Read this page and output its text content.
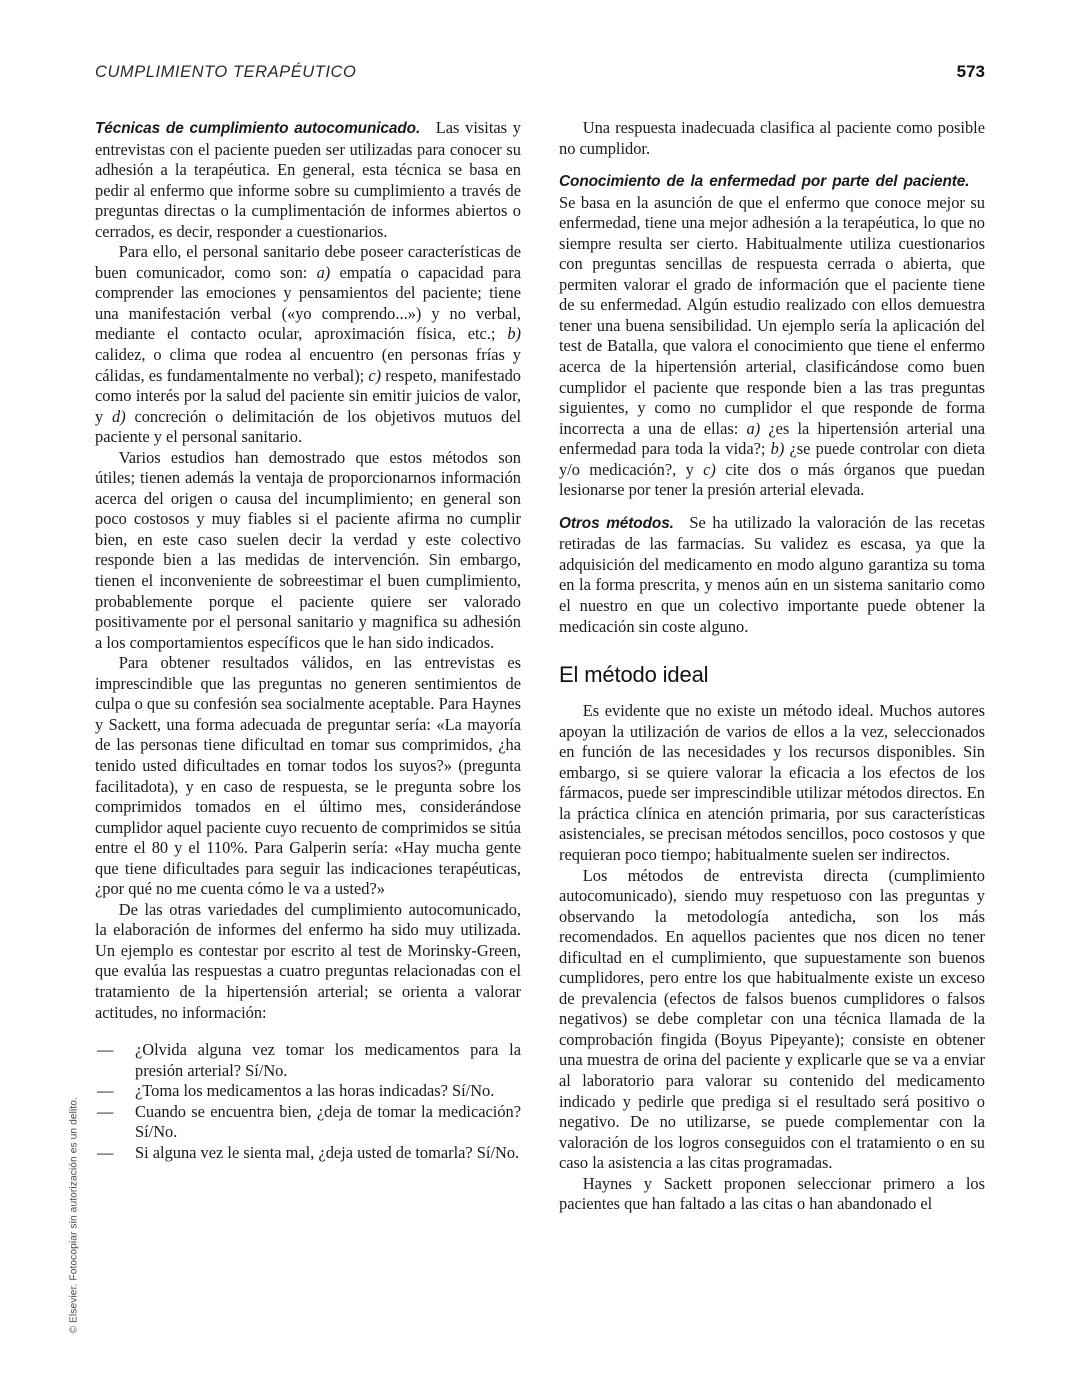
CUMPLIMIENTO TERAPÉUTICO	573
© Elsevier. Fotocopiar sin autorización es un delito.

Técnicas de cumplimiento autocomunicado. Las visitas y entrevistas con el paciente pueden ser utilizadas para conocer su adhesión a la terapéutica. En general, esta técnica se basa en pedir al enfermo que informe sobre su cumplimiento a través de preguntas directas o la cumplimentación de informes abiertos o cerrados, es decir, responder a cuestionarios.

Para ello, el personal sanitario debe poseer características de buen comunicador, como son: a) empatía o capacidad para comprender las emociones y pensamientos del paciente; tiene una manifestación verbal («yo comprendo...») y no verbal, mediante el contacto ocular, aproximación física, etc.; b) calidez, o clima que rodea al encuentro (en personas frías y cálidas, es fundamentalmente no verbal); c) respeto, manifestado como interés por la salud del paciente sin emitir juicios de valor, y d) concreción o delimitación de los objetivos mutuos del paciente y el personal sanitario.

Varios estudios han demostrado que estos métodos son útiles; tienen además la ventaja de proporcionarnos información acerca del origen o causa del incumplimiento; en general son poco costosos y muy fiables si el paciente afirma no cumplir bien, en este caso suelen decir la verdad y este colectivo responde bien a las medidas de intervención. Sin embargo, tienen el inconveniente de sobreestimar el buen cumplimiento, probablemente porque el paciente quiere ser valorado positivamente por el personal sanitario y magnifica su adhesión a los comportamientos específicos que le han sido indicados.

Para obtener resultados válidos, en las entrevistas es imprescindible que las preguntas no generen sentimientos de culpa o que su confesión sea socialmente aceptable. Para Haynes y Sackett, una forma adecuada de preguntar sería: «La mayoría de las personas tiene dificultad en tomar sus comprimidos, ¿ha tenido usted dificultades en tomar todos los suyos?» (pregunta facilitadota), y en caso de respuesta, se le pregunta sobre los comprimidos tomados en el último mes, considerándose cumplidor aquel paciente cuyo recuento de comprimidos se sitúa entre el 80 y el 110%. Para Galperin sería: «Hay mucha gente que tiene dificultades para seguir las indicaciones terapéuticas, ¿por qué no me cuenta cómo le va a usted?»

De las otras variedades del cumplimiento autocomunicado, la elaboración de informes del enfermo ha sido muy utilizada. Un ejemplo es contestar por escrito al test de Morinsky-Green, que evalúa las respuestas a cuatro preguntas relacionadas con el tratamiento de la hipertensión arterial; se orienta a valorar actitudes, no información:

— ¿Olvida alguna vez tomar los medicamentos para la presión arterial? Sí/No.
— ¿Toma los medicamentos a las horas indicadas? Sí/No.
— Cuando se encuentra bien, ¿deja de tomar la medicación? Sí/No.
— Si alguna vez le sienta mal, ¿deja usted de tomarla? Sí/No.

Una respuesta inadecuada clasifica al paciente como posible no cumplidor.

Conocimiento de la enfermedad por parte del paciente.Se basa en la asunción de que el enfermo que conoce mejor su enfermedad, tiene una mejor adhesión a la terapéutica, lo que no siempre resulta ser cierto. Habitualmente utiliza cuestionarios con preguntas sencillas de respuesta cerrada o abierta, que permiten valorar el grado de información que el paciente tiene de su enfermedad. Algún estudio realizado con ellos demuestra tener una buena sensibilidad. Un ejemplo sería la aplicación del test de Batalla, que valora el conocimiento que tiene el enfermo acerca de la hipertensión arterial, clasificándose como buen cumplidor el paciente que responde bien a las tras preguntas siguientes, y como no cumplidor el que responde de forma incorrecta a una de ellas: a) ¿es la hipertensión arterial una enfermedad para toda la vida?; b) ¿se puede controlar con dieta y/o medicación?, y c) cite dos o más órganos que puedan lesionarse por tener la presión arterial elevada.

Otros métodos. Se ha utilizado la valoración de las recetas retiradas de las farmacias. Su validez es escasa, ya que la adquisición del medicamento en modo alguno garantiza su toma en la forma prescrita, y menos aún en un sistema sanitario como el nuestro en que un colectivo importante puede obtener la medicación sin coste alguno.

El método ideal

Es evidente que no existe un método ideal. Muchos autores apoyan la utilización de varios de ellos a la vez, seleccionados en función de las necesidades y los recursos disponibles. Sin embargo, si se quiere valorar la eficacia a los efectos de los fármacos, puede ser imprescindible utilizar métodos directos. En la práctica clínica en atención primaria, por sus características asistenciales, se precisan métodos sencillos, poco costosos y que requieran poco tiempo; habitualmente suelen ser indirectos.

Los métodos de entrevista directa (cumplimiento autocomunicado), siendo muy respetuoso con las preguntas y observando la metodología antedicha, son los más recomendados. En aquellos pacientes que nos dicen no tener dificultad en el cumplimiento, que supuestamente son buenos cumplidores, pero entre los que habitualmente existe un exceso de prevalencia (efectos de falsos buenos cumplidores o falsos negativos) se debe completar con una técnica llamada de la comprobación fingida (Boyus Pipeyante); consiste en obtener una muestra de orina del paciente y explicarle que se va a enviar al laboratorio para valorar su contenido del medicamento indicado y pedirle que prediga si el resultado será positivo o negativo. De no utilizarse, se puede complementar con la valoración de los logros conseguidos con el tratamiento o en su caso la asistencia a las citas programadas.

Haynes y Sackett proponen seleccionar primero a los pacientes que han faltado a las citas o han abandonado el
